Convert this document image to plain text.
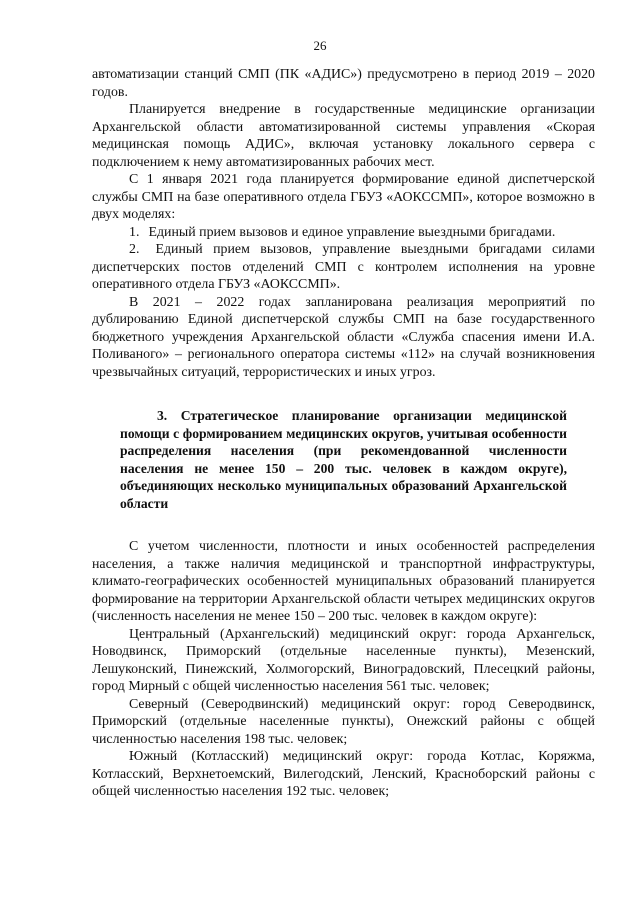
26

автоматизации станций СМП (ПК «АДИС») предусмотрено в период 2019 – 2020 годов.

Планируется внедрение в государственные медицинские организации Архангельской области автоматизированной системы управления «Скорая медицинская помощь АДИС», включая установку локального сервера с подключением к нему автоматизированных рабочих мест.

С 1 января 2021 года планируется формирование единой диспетчерской службы СМП на базе оперативного отдела ГБУЗ «АОКССМП», которое возможно в двух моделях:

1. Единый прием вызовов и единое управление выездными бригадами.

2. Единый прием вызовов, управление выездными бригадами силами диспетчерских постов отделений СМП с контролем исполнения на уровне оперативного отдела ГБУЗ «АОКССМП».

В 2021 – 2022 годах запланирована реализация мероприятий по дублированию Единой диспетчерской службы СМП на базе государственного бюджетного учреждения Архангельской области «Служба спасения имени И.А. Поливаного» – регионального оператора системы «112» на случай возникновения чрезвычайных ситуаций, террористических и иных угроз.

3. Стратегическое планирование организации медицинской помощи с формированием медицинских округов, учитывая особенности распределения населения (при рекомендованной численности населения не менее 150 – 200 тыс. человек в каждом округе), объединяющих несколько муниципальных образований Архангельской области

С учетом численности, плотности и иных особенностей распределения населения, а также наличия медицинской и транспортной инфраструктуры, климато-географических особенностей муниципальных образований планируется формирование на территории Архангельской области четырех медицинских округов (численность населения не менее 150 – 200 тыс. человек в каждом округе):

Центральный (Архангельский) медицинский округ: города Архангельск, Новодвинск, Приморский (отдельные населенные пункты), Мезенский, Лешуконский, Пинежский, Холмогорский, Виноградовский, Плесецкий районы, город Мирный с общей численностью населения 561 тыс. человек;

Северный (Северодвинский) медицинский округ: город Северодвинск, Приморский (отдельные населенные пункты), Онежский районы с общей численностью населения 198 тыс. человек;

Южный (Котласский) медицинский округ: города Котлас, Коряжма, Котласский, Верхнетоемский, Вилегодский, Ленский, Красноборский районы с общей численностью населения 192 тыс. человек;
